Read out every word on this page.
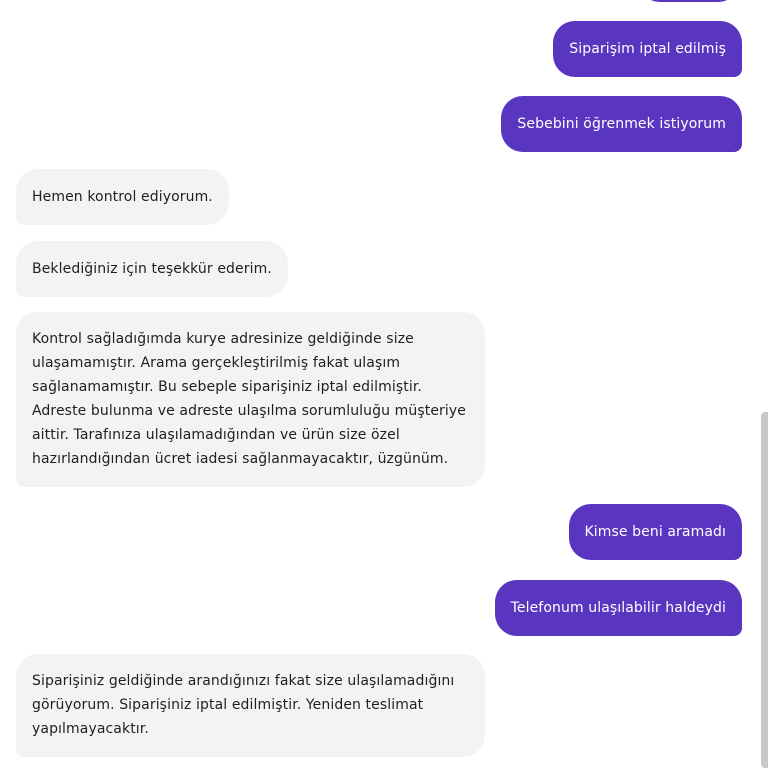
Siparişim iptal edilmiş
Sebebini öğrenmek istiyorum
Hemen kontrol ediyorum.
Beklediğiniz için teşekkür ederim.
Kontrol sağladığımda kurye adresinize geldiğinde size ulaşamamıştır. Arama gerçekleştirilmiş fakat ulaşım sağlanamamıştır. Bu sebeple siparişiniz iptal edilmiştir. Adreste bulunma ve adreste ulaşılma sorumluluğu müşteriye aittir. Tarafınıza ulaşılamadığından ve ürün size özel hazırlandığından ücret iadesi sağlanmayacaktır, üzgünüm.
Kimse beni aramadı
Telefonum ulaşılabilir haldeydi
Siparişiniz geldiğinde arandığınızı fakat size ulaşılamadığını görüyorum. Siparişiniz iptal edilmiştir. Yeniden teslimat yapılmayacaktır.
